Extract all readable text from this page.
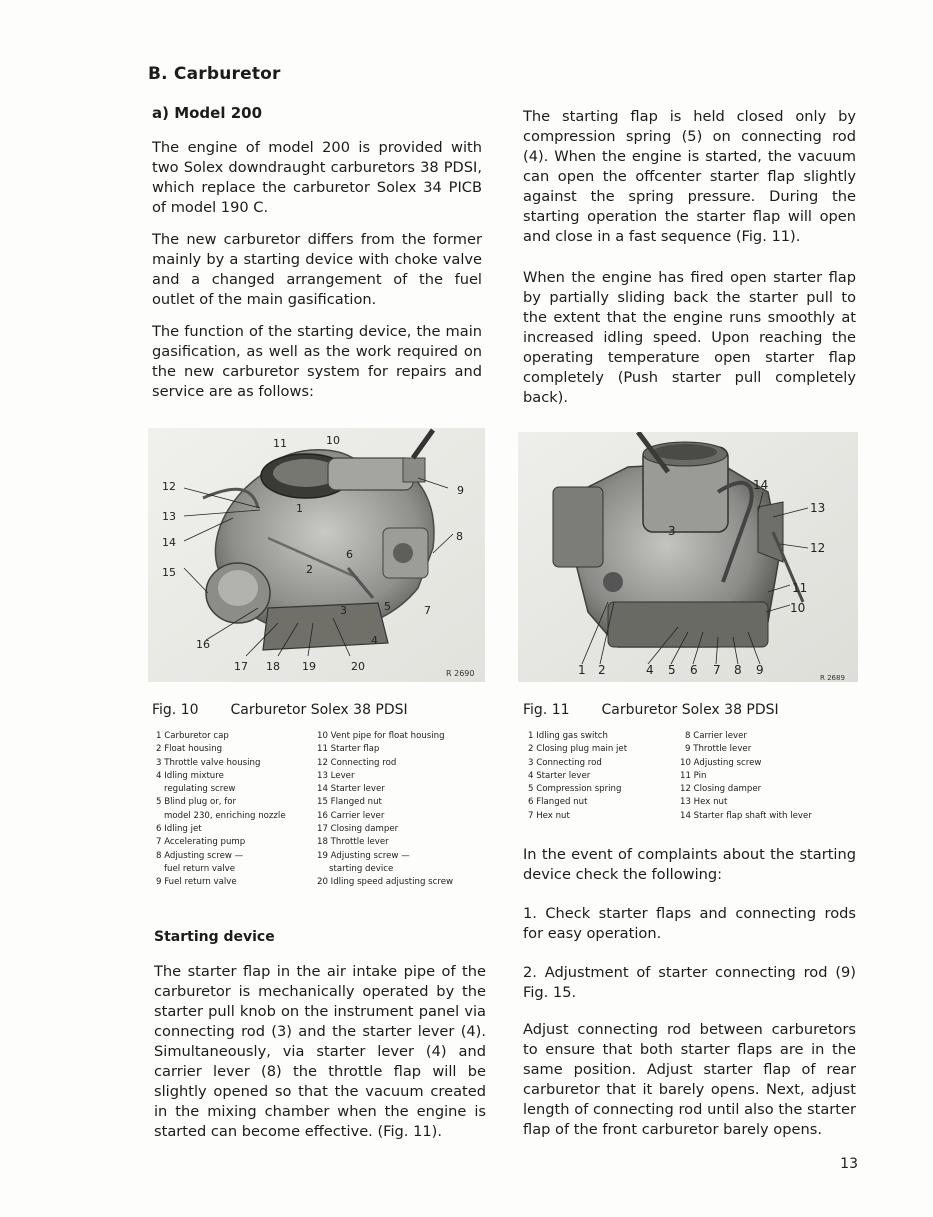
B. Carburetor
a) Model 200

The engine of model 200 is provided with two Solex downdraught carburetors 38 PDSI, which replace the carburetor Solex 34 PICB of model 190 C.

The new carburetor differs from the former mainly by a starting device with choke valve and a changed arrangement of the fuel outlet of the main gasification.

The function of the starting device, the main gasification, as well as the work required on the new carburetor system for repairs and service are as follows:

The starting flap is held closed only by compression spring (5) on connecting rod (4). When the engine is started, the vacuum can open the offcenter starter flap slightly against the spring pressure. During the starting operation the starter flap will open and close in a fast sequence (Fig. 11).

When the engine has fired open starter flap by partially sliding back the starter pull to the extent that the engine runs smoothly at increased idling speed. Upon reaching the operating temperature open starter flap completely (Push starter pull completely back).

11	10
12
13
14
15
16
17 18 19	20
1
2
3
4
5
6
7
8
9
R 2690	1 2
3
4 5 6 7 8 9
10
11
12
13
14
R 2689
Fig. 10 Carburetor Solex 38 PDSI
1 Carburetor cap
2 Float housing
3 Throttle valve housing
4 Idling mixture
regulating screw
5 Blind plug or, for
model 230, enriching nozzle
6 Idling jet
7 Accelerating pump
8 Adjusting screw —
fuel return valve
9 Fuel return valve
10 Vent pipe for float housing
11 Starter flap
12 Connecting rod
13 Lever
14 Starter lever
15 Flanged nut
16 Carrier lever
17 Closing damper
18 Throttle lever
19 Adjusting screw —
starting device
20 Idling speed adjusting screw
Fig. 11 Carburetor Solex 38 PDSI
1 Idling gas switch
2 Closing plug main jet
3 Connecting rod
4 Starter lever
5 Compression spring
6 Flanged nut
7 Hex nut
8 Carrier lever
9 Throttle lever
10 Adjusting screw
11 Pin
12 Closing damper
13 Hex nut
14 Starter flap shaft with lever
Starting device

The starter flap in the air intake pipe of the carburetor is mechanically operated by the starter pull knob on the instrument panel via connecting rod (3) and the starter lever (4). Simultaneously, via starter lever (4) and carrier lever (8) the throttle flap will be slightly opened so that the vacuum created in the mixing chamber when the engine is started can become effective. (Fig. 11).

In the event of complaints about the starting device check the following:

1. Check starter flaps and connecting rods for easy operation.

2. Adjustment of starter connecting rod (9) Fig. 15.

Adjust connecting rod between carburetors to ensure that both starter flaps are in the same position. Adjust starter flap of rear carburetor that it barely opens. Next, adjust length of connecting rod until also the starter flap of the front carburetor barely opens.

13
